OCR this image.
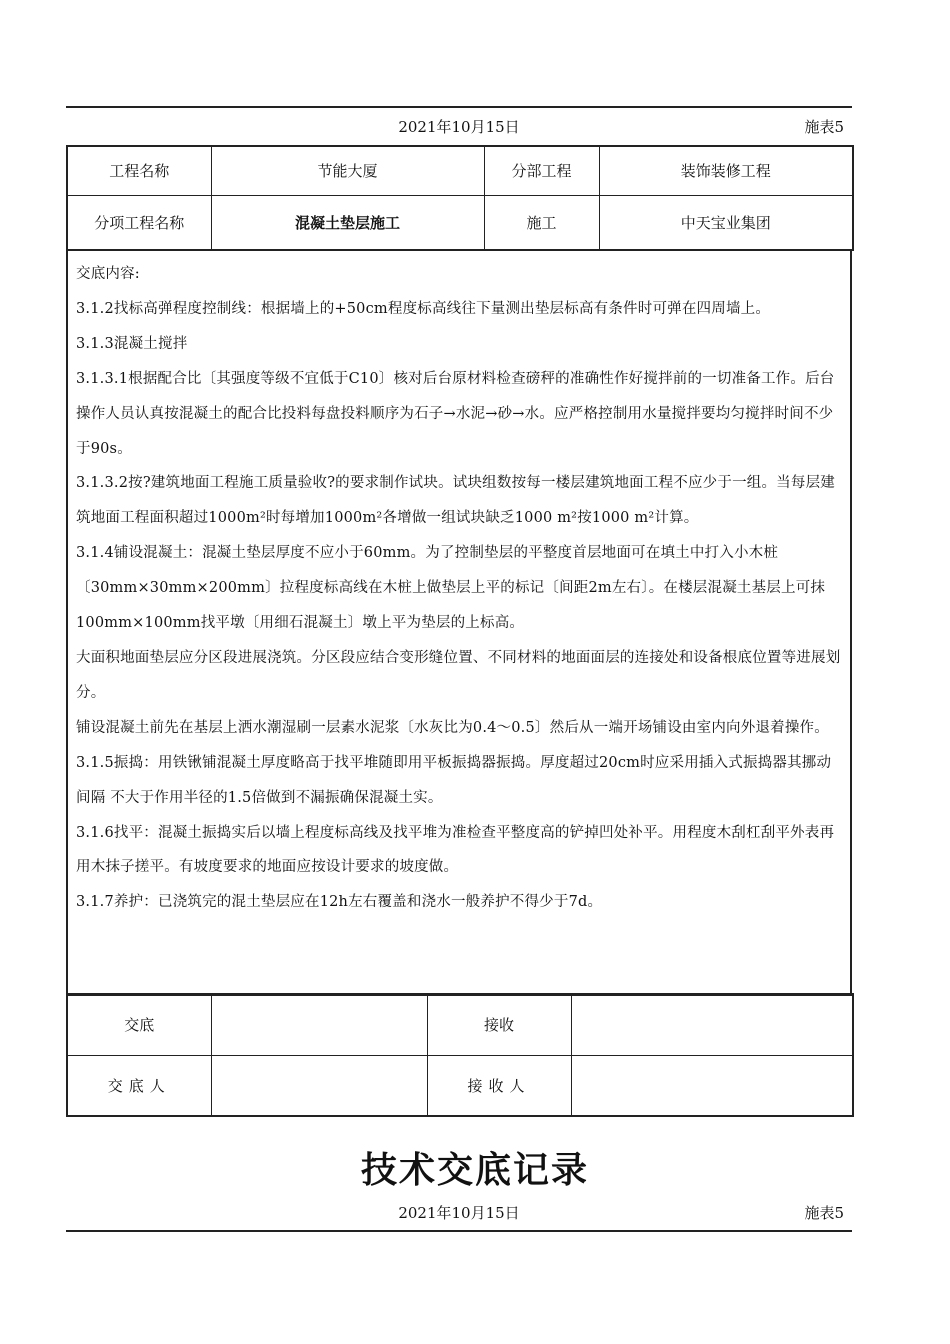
2021年10月15日	施表5
工程名称	节能大厦	分部工程	装饰装修工程
分项工程名称	混凝土垫层施工	施工	中天宝业集团

交底内容:

3.1.2找标高弹程度控制线：根据墙上的+50cm程度标高线往下量测出垫层标高有条件时可弹在四周墙上。

3.1.3混凝土搅拌

3.1.3.1根据配合比〔其强度等级不宜低于C10〕核对后台原材料检查磅秤的准确性作好搅拌前的一切准备工作。后台操作人员认真按混凝土的配合比投料每盘投料顺序为石子→水泥→砂→水。应严格控制用水量搅拌要均匀搅拌时间不少于90s。

3.1.3.2按?建筑地面工程施工质量验收?的要求制作试块。试块组数按每一楼层建筑地面工程不应少于一组。当每层建筑地面工程面积超过1000m²时每增加1000m²各增做一组试块缺乏1000 m²按1000 m²计算。

3.1.4铺设混凝土：混凝土垫层厚度不应小于60mm。为了控制垫层的平整度首层地面可在填土中打入小木桩〔30mm×30mm×200mm〕拉程度标高线在木桩上做垫层上平的标记〔间距2m左右〕。在楼层混凝土基层上可抹100mm×100mm找平墩〔用细石混凝土〕墩上平为垫层的上标高。

大面积地面垫层应分区段进展浇筑。分区段应结合变形缝位置、不同材料的地面面层的连接处和设备根底位置等进展划分。

铺设混凝土前先在基层上洒水潮湿刷一层素水泥浆〔水灰比为0.4～0.5〕然后从一端开场铺设由室内向外退着操作。

3.1.5振捣：用铁锹铺混凝土厚度略高于找平堆随即用平板振捣器振捣。厚度超过20cm时应采用插入式振捣器其挪动间隔 不大于作用半径的1.5倍做到不漏振确保混凝土实。

3.1.6找平：混凝土振捣实后以墙上程度标高线及找平堆为准检查平整度高的铲掉凹处补平。用程度木刮杠刮平外表再用木抹子搓平。有坡度要求的地面应按设计要求的坡度做。

3.1.7养护：已浇筑完的混土垫层应在12h左右覆盖和浇水一般养护不得少于7d。

交底		接收	
交底人		接收人	
技术交底记录
2021年10月15日	施表5
